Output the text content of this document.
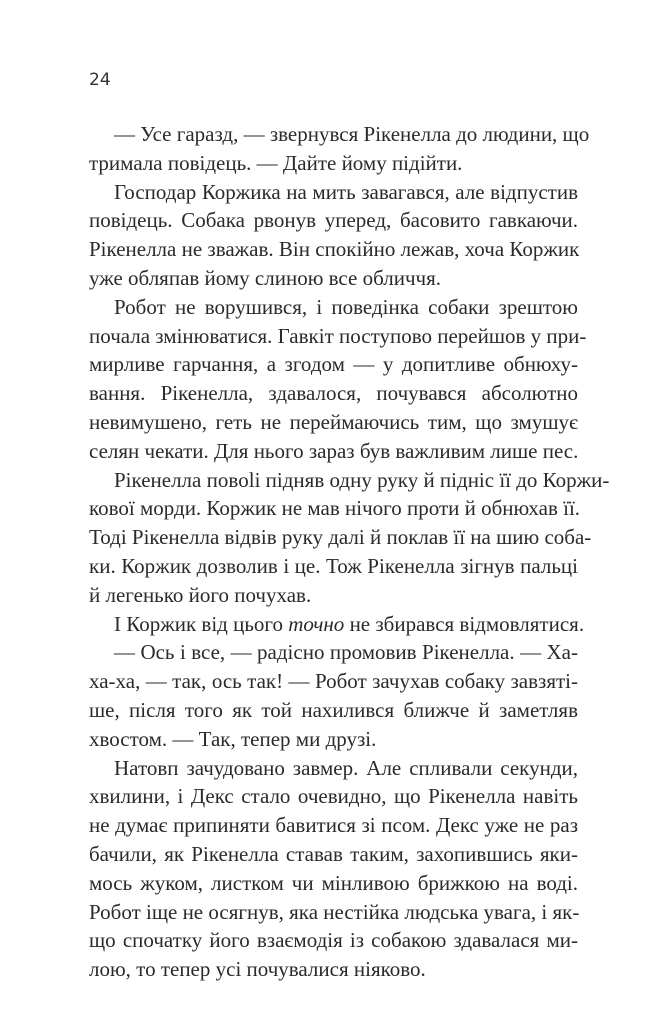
24
— Усе гаразд, — звернувся Рікенелла до людини, що
тримала повідець. — Дайте йому підійти.
Господар Коржика на мить завагався, але відпустив
повідець. Собака рвонув уперед, басовито гавкаючи.
Рікенелла не зважав. Він спокійно лежав, хоча Коржик
уже обляпав йому слиною все обличчя.
Робот не ворушився, і поведінка собаки зрештою
почала змінюватися. Гавкіт поступово перейшов у при-
мирливе гарчання, а згодом — у допитливе обнюху-
вання. Рікенелла, здавалося, почувався абсолютно
невимушено, геть не переймаючись тим, що змушує
селян чекати. Для нього зараз був важливим лише пес.
Рікенелла повolі підняв одну руку й підніс її до Коржи-
кової морди. Коржик не мав нічого проти й обнюхав її.
Тоді Рікенелла відвів руку далі й поклав її на шию соба-
ки. Коржик дозволив і це. Тож Рікенелла зігнув пальці
й легенько його почухав.
І Коржик від цього точно не збирався відмовлятися.
— Ось і все, — радісно промовив Рікенелла. — Ха-
ха-ха, — так, ось так! — Робот зачухав собаку завзяті-
ше, після того як той нахилився ближче й заметляв
хвостом. — Так, тепер ми друзі.
Натовп зачудовано завмер. Але спливали секунди,
хвилини, і Декс стало очевидно, що Рікенелла навіть
не думає припиняти бавитися зі псом. Декс уже не раз
бачили, як Рікенелла ставав таким, захопившись яки-
мось жуком, листком чи мінливою брижкою на воді.
Робот іще не осягнув, яка нестійка людська увага, і як-
що спочатку його взаємодія із собакою здавалася ми-
лою, то тепер усі почувалися ніяково.
